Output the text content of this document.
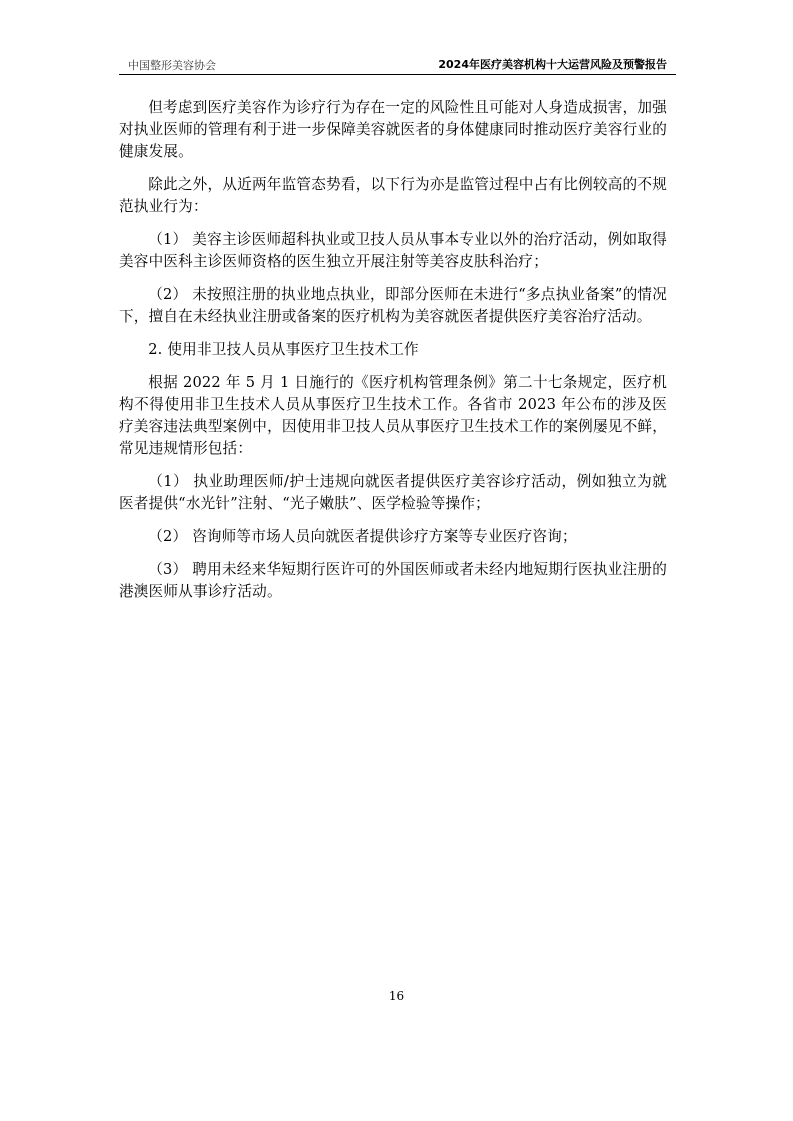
中国整形美容协会	2024年医疗美容机构十大运营风险及预警报告

但考虑到医疗美容作为诊疗行为存在一定的风险性且可能对人身造成损害，加强对执业医师的管理有利于进一步保障美容就医者的身体健康同时推动医疗美容行业的健康发展。

除此之外，从近两年监管态势看，以下行为亦是监管过程中占有比例较高的不规范执业行为：

（1） 美容主诊医师超科执业或卫技人员从事本专业以外的治疗活动，例如取得美容中医科主诊医师资格的医生独立开展注射等美容皮肤科治疗；

（2） 未按照注册的执业地点执业，即部分医师在未进行“多点执业备案”的情况下，擅自在未经执业注册或备案的医疗机构为美容就医者提供医疗美容治疗活动。

2. 使用非卫技人员从事医疗卫生技术工作

根据 2022 年 5 月 1 日施行的《医疗机构管理条例》第二十七条规定，医疗机构不得使用非卫生技术人员从事医疗卫生技术工作。各省市 2023 年公布的涉及医疗美容违法典型案例中，因使用非卫技人员从事医疗卫生技术工作的案例屡见不鲜，常见违规情形包括：

（1） 执业助理医师/护士违规向就医者提供医疗美容诊疗活动，例如独立为就医者提供“水光针”注射、“光子嫩肤”、医学检验等操作；

（2） 咨询师等市场人员向就医者提供诊疗方案等专业医疗咨询；

（3） 聘用未经来华短期行医许可的外国医师或者未经内地短期行医执业注册的港澳医师从事诊疗活动。

16
